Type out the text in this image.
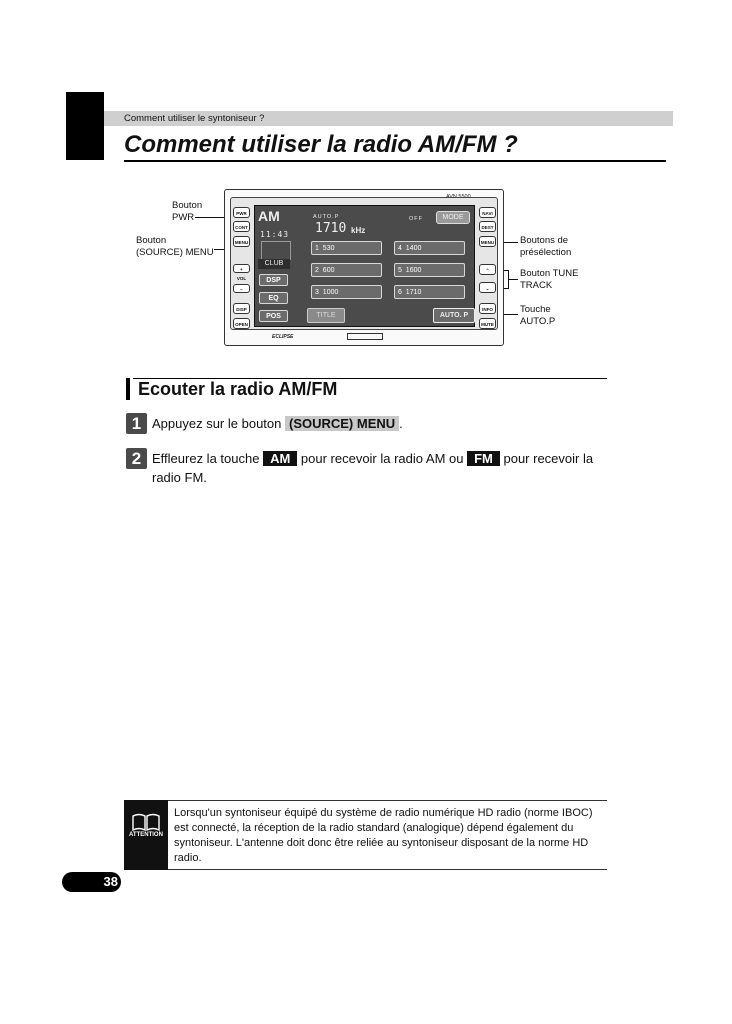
Comment utiliser le syntoniseur ?
Comment utiliser la radio AM/FM ?
Bouton
PWR
Bouton
(SOURCE) MENU
Boutons de
présélection
Bouton TUNE
TRACK
Touche
AUTO.P
PWR
CONT
MENU
+
VOL
−
DISP
OPEN
NAVI
DEST
MENU
⌃
⌄
INFO
MUTE
AM	AUTO.P	OFF	MODE
1710 kHz
11:43
CLUB
DSP
EQ
POS	TITLE	AUTO. P
1 530	4 1400
2 600	5 1600
3 1000	6 1710
ECLIPSE
Ecouter la radio AM/FM
1 Appuyez sur le bouton (SOURCE) MENU .
2 Effleurez la touche AM pour recevoir la radio AM ou FM pour recevoir la radio FM.
ATTENTION
Lorsqu'un syntoniseur équipé du système de radio numérique HD radio (norme IBOC) est connecté, la réception de la radio standard (analogique) dépend également du syntoniseur. L'antenne doit donc être reliée au syntoniseur disposant de la norme HD radio.
38
